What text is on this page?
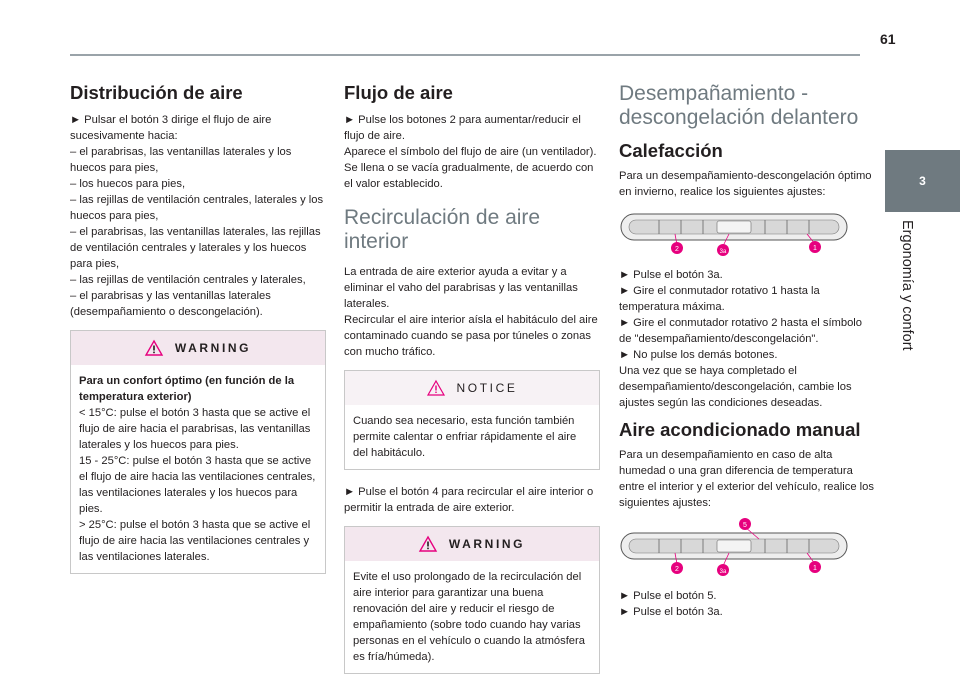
61
3
Ergonomía y confort
Distribución de aire
► Pulsar el botón 3 dirige el flujo de aire sucesivamente hacia:
– el parabrisas, las ventanillas laterales y los huecos para pies,
– los huecos para pies,
– las rejillas de ventilación centrales, laterales y los huecos para pies,
– el parabrisas, las ventanillas laterales, las rejillas de ventilación centrales y laterales y los huecos para pies,
– las rejillas de ventilación centrales y laterales,
– el parabrisas y las ventanillas laterales (desempañamiento o descongelación).
WARNING
Para un confort óptimo (en función de la temperatura exterior)
< 15°C: pulse el botón 3 hasta que se active el flujo de aire hacia el parabrisas, las ventanillas laterales y los huecos para pies.
15 - 25°C: pulse el botón 3 hasta que se active el flujo de aire hacia las ventilaciones centrales, las ventilaciones laterales y los huecos para pies.
> 25°C: pulse el botón 3 hasta que se active el flujo de aire hacia las ventilaciones centrales y las ventilaciones laterales.
Flujo de aire
► Pulse los botones 2 para aumentar/reducir el flujo de aire.
Aparece el símbolo del flujo de aire (un ventilador).
Se llena o se vacía gradualmente, de acuerdo con el valor establecido.
Recirculación de aire interior
La entrada de aire exterior ayuda a evitar y a eliminar el vaho del parabrisas y las ventanillas laterales.
Recircular el aire interior aísla el habitáculo del aire contaminado cuando se pasa por túneles o zonas con mucho tráfico.
NOTICE
Cuando sea necesario, esta función también permite calentar o enfriar rápidamente el aire del habitáculo.
► Pulse el botón 4 para recircular el aire interior o permitir la entrada de aire exterior.
WARNING
Evite el uso prolongado de la recirculación del aire interior para garantizar una buena renovación del aire y reducir el riesgo de empañamiento (sobre todo cuando hay varias personas en el vehículo o cuando la atmósfera es fría/húmeda).
Desempañamiento - descongelación delantero
Calefacción
Para un desempañamiento-descongelación óptimo en invierno, realice los siguientes ajustes:
2	3a	1
► Pulse el botón 3a.
► Gire el conmutador rotativo 1 hasta la temperatura máxima.
► Gire el conmutador rotativo 2 hasta el símbolo de "desempañamiento/descongelación".
► No pulse los demás botones.
Una vez que se haya completado el desempañamiento/descongelación, cambie los ajustes según las condiciones deseadas.
Aire acondicionado manual
Para un desempañamiento en caso de alta humedad o una gran diferencia de temperatura entre el interior y el exterior del vehículo, realice los siguientes ajustes:
5
2	3a	1
► Pulse el botón 5.
► Pulse el botón 3a.
